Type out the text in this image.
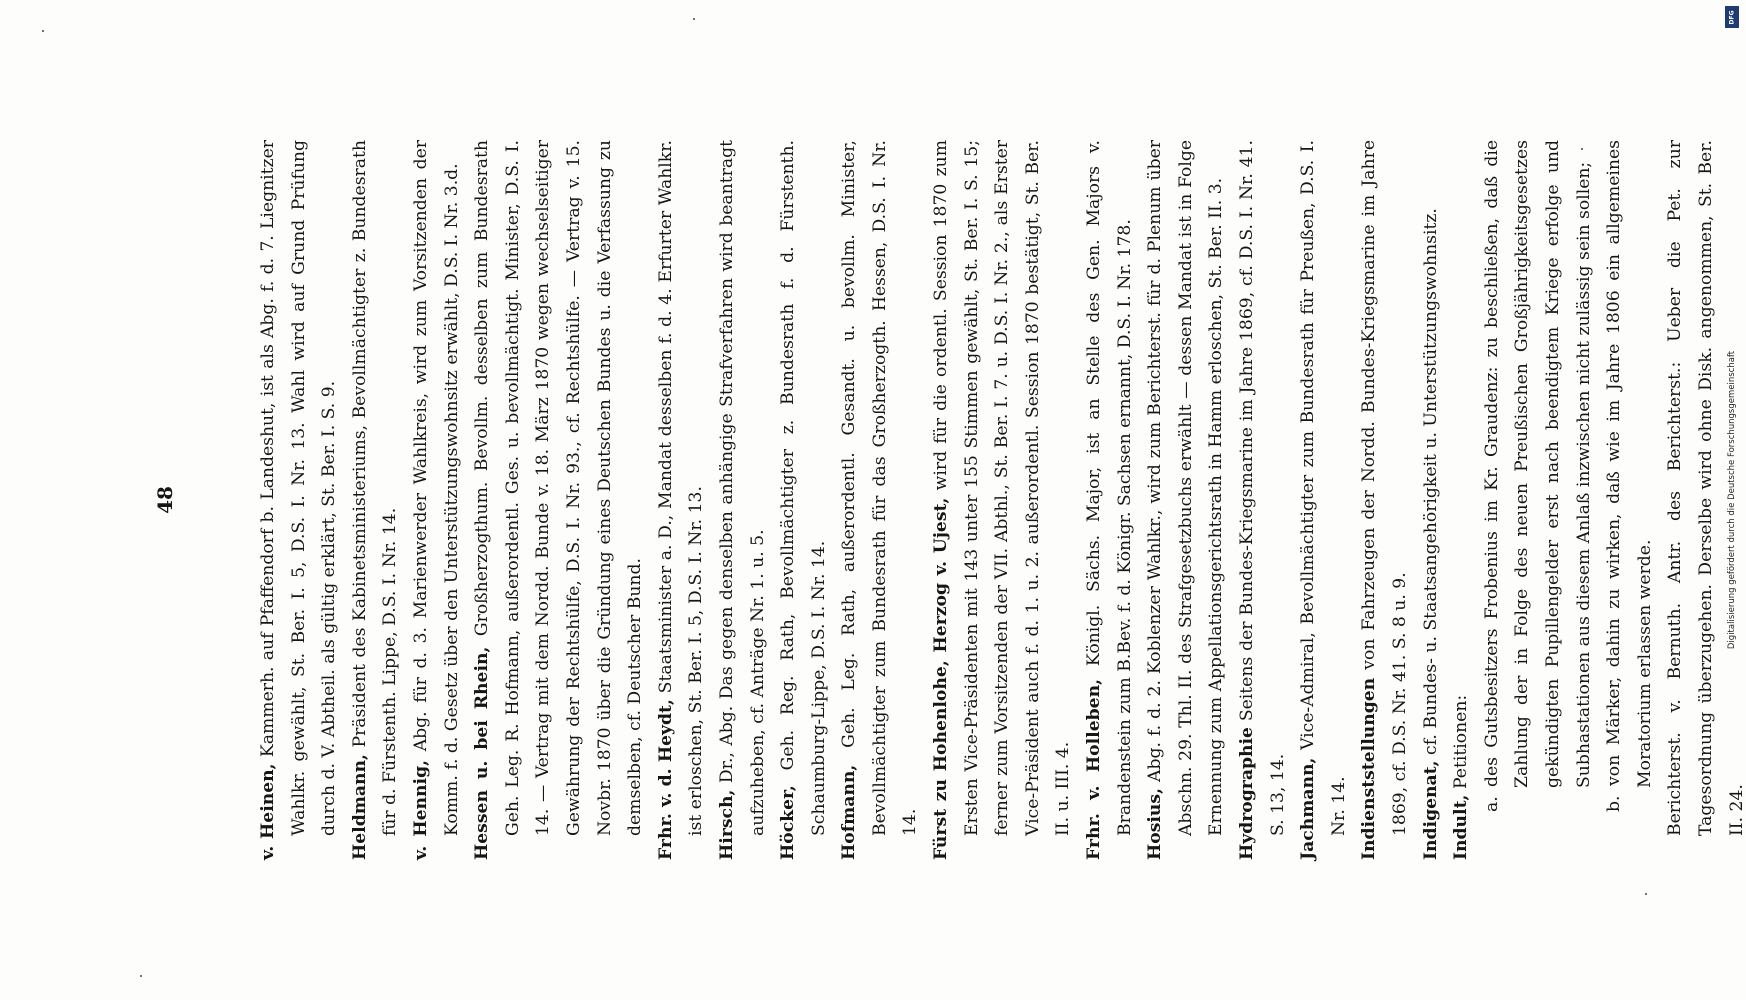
48

v. Heinen, Kammerh. auf Pfaffendorf b. Landeshut, ist als Abg. f. d. 7. Liegnitzer Wahlkr. gewählt, St. Ber. I. 5, D.S. I. Nr. 13. Wahl wird auf Grund Prüfung durch d. V. Abtheil. als gültig erklärt, St. Ber. I. S. 9. Heldmann, Präsident des Kabinetsministeriums, Bevollmächtigter z. Bundesrath für d. Fürstenth. Lippe, D.S. I. Nr. 14. v. Hennig, Abg. für d. 3. Marienwerder Wahlkreis, wird zum Vorsitzenden der Komm. f. d. Gesetz über den Unterstützungswohnsitz erwählt, D.S. I. Nr. 3.d. Hessen u. bei Rhein, Großherzogthum. Bevollm. desselben zum Bundesrath Geh. Leg. R. Hofmann, außerordentl. Ges. u. bevollmächtigt. Minister, D.S. I. 14. — Vertrag mit dem Nordd. Bunde v. 18. März 1870 wegen wechselseitiger Gewährung der Rechtshülfe, D.S. I. Nr. 93., cf. Rechtshülfe. — Vertrag v. 15. Novbr. 1870 über die Gründung eines Deutschen Bundes u. die Verfassung zu demselben, cf. Deutscher Bund. Frhr. v. d. Heydt, Staatsminister a. D., Mandat desselben f. d. 4. Erfurter Wahlkr. ist erloschen, St. Ber. I. 5, D.S. I. Nr. 13. Hirsch, Dr., Abg. Das gegen denselben anhängige Strafverfahren wird beantragt aufzuheben, cf. Anträge Nr. 1. u. 5. Höcker, Geh. Reg. Rath, Bevollmächtigter z. Bundesrath f. d. Fürstenth. Schaumburg-Lippe, D.S. I. Nr. 14. Hofmann, Geh. Leg. Rath, außerordentl. Gesandt. u. bevollm. Minister, Bevollmächtigter zum Bundesrath für das Großherzogth. Hessen, D.S. I. Nr. 14. Fürst zu Hohenlohe, Herzog v. Ujest, wird für die ordentl. Session 1870 zum Ersten Vice-Präsidenten mit 143 unter 155 Stimmen gewählt, St. Ber. I. S. 15; ferner zum Vorsitzenden der VII. Abthl., St. Ber. I. 7. u. D.S. I. Nr. 2., als Erster Vice-Präsident auch f. d. 1. u. 2. außerordentl. Session 1870 bestätigt, St. Ber. II. u. III. 4. Frhr. v. Holleben, Königl. Sächs. Major, ist an Stelle des Gen. Majors v. Brandenstein zum B.Bev. f. d. Königr. Sachsen ernannt, D.S. I. Nr. 178. Hosius, Abg. f. d. 2. Koblenzer Wahlkr., wird zum Berichterst. für d. Plenum über Abschn. 29. Thl. II. des Strafgesetzbuchs erwählt — dessen Mandat ist in Folge Ernennung zum Appellationsgerichtsrath in Hamm erloschen, St. Ber. II. 3. Hydrographie Seitens der Bundes-Kriegsmarine im Jahre 1869, cf. D.S. I. Nr. 41. S. 13, 14. Jachmann, Vice-Admiral, Bevollmächtigter zum Bundesrath für Preußen, D.S. I. Nr. 14. Indienststellungen von Fahrzeugen der Nordd. Bundes-Kriegsmarine im Jahre 1869, cf. D.S. Nr. 41. S. 8 u. 9. Indigenat, cf. Bundes- u. Staatsangehörigkeit u. Unterstützungswohnsitz.

Indult, Petitionen: a. des Gutsbesitzers Frobenius im Kr. Graudenz: zu beschließen, daß die Zahlung der in Folge des neuen Preußischen Großjährigkeitsgesetzes gekündigten Pupillengelder erst nach beendigtem Kriege erfolge und Subhastationen aus diesem Anlaß inzwischen nicht zulässig sein sollen; b. von Märker, dahin zu wirken, daß wie im Jahre 1806 ein allgemeines Moratorium erlassen werde. Berichterst. v. Bernuth. Antr. des Berichterst.: Ueber die Pet. zur Tagesordnung überzugehen. Derselbe wird ohne Disk. angenommen, St. Ber. II. 24.

DFG
Digitalisierung gefördert durch die Deutsche Forschungsgemeinschaft
